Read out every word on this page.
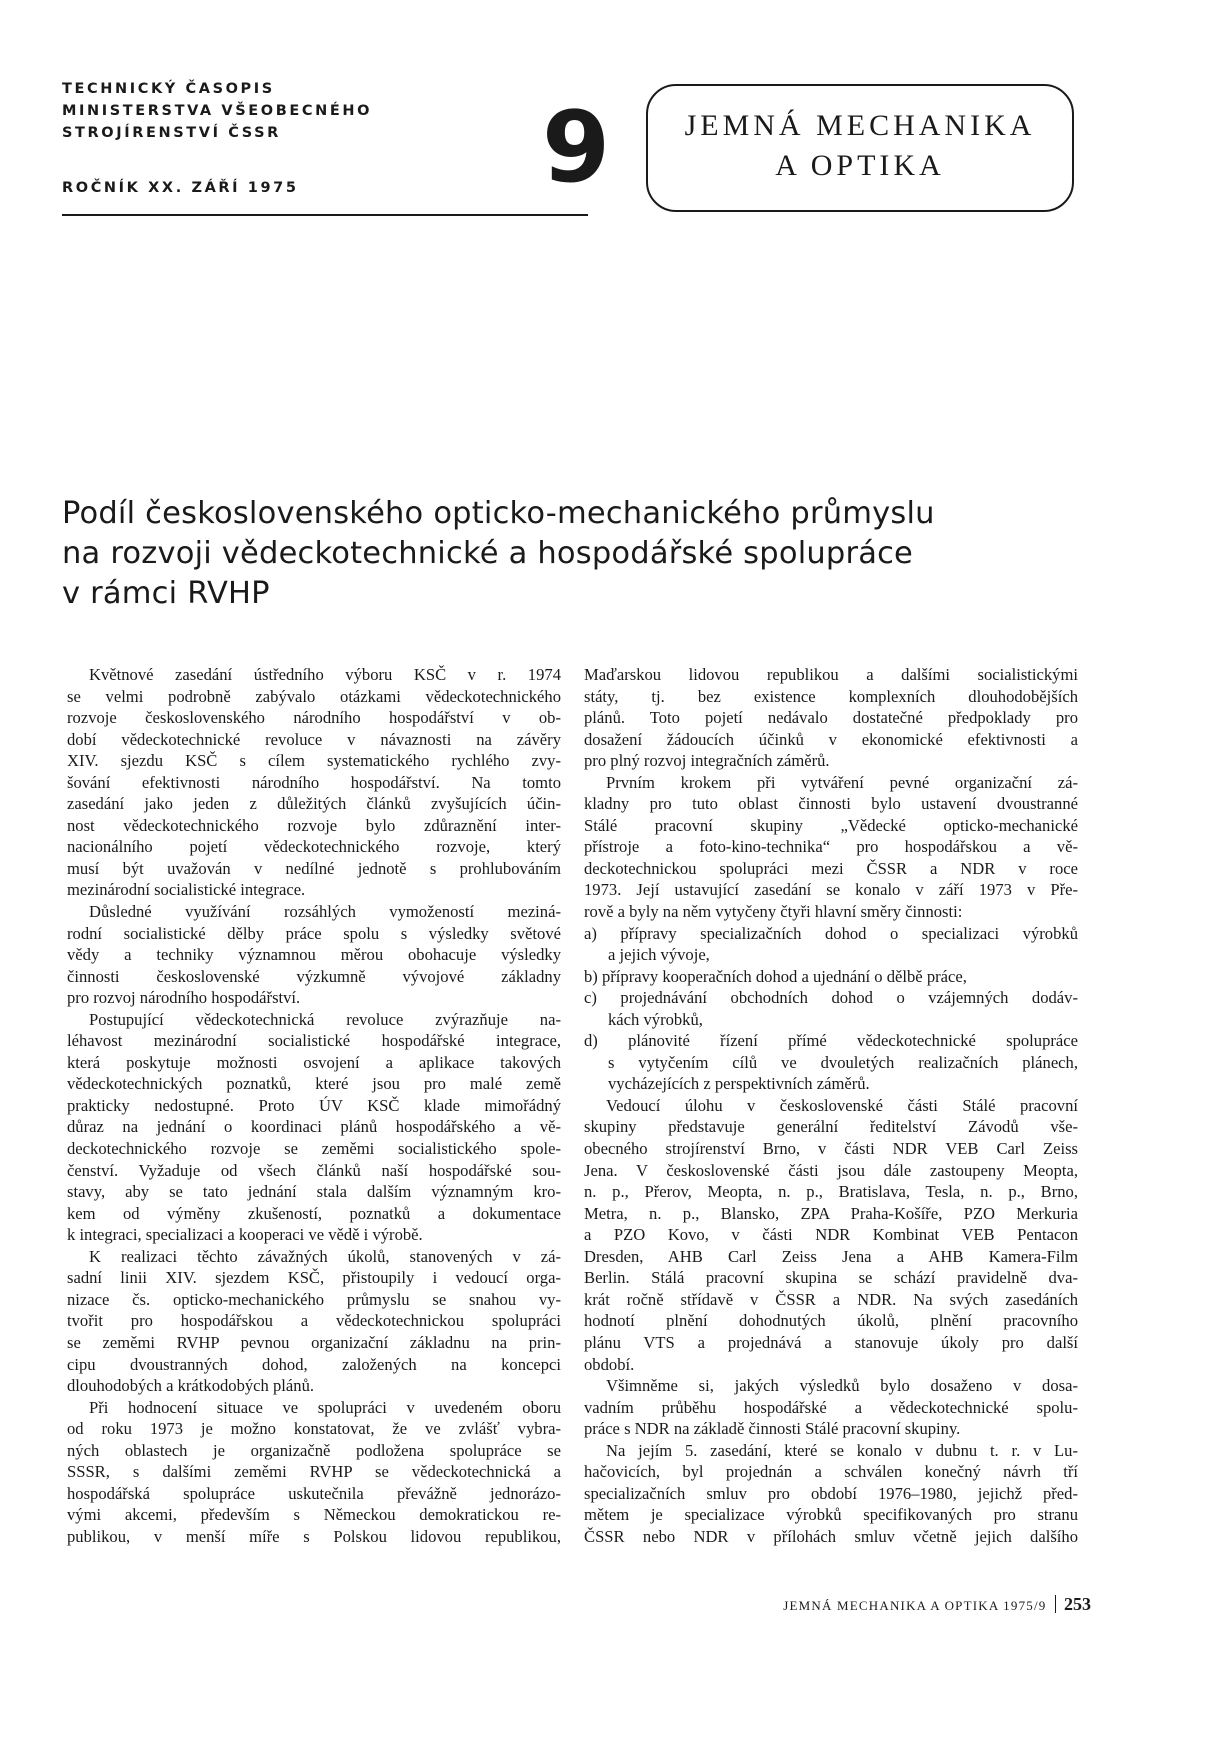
TECHNICKÝ ČASOPIS
MINISTERSTVA VŠEOBECNÉHO
STROJÍRENSTVÍ ČSSR
ROČNÍK XX. ZÁŘÍ 1975 9	JEMNÁ MECHANIKA
A OPTIKA
Podíl československého opticko-mechanického průmyslu
na rozvoji vědeckotechnické a hospodářské spolupráce
v rámci RVHP
Květnové zasedání ústředního výboru KSČ v r. 1974
se velmi podrobně zabývalo otázkami vědeckotechnického
rozvoje československého národního hospodářství v ob-
dobí vědeckotechnické revoluce v návaznosti na závěry
XIV. sjezdu KSČ s cílem systematického rychlého zvy-
šování efektivnosti národního hospodářství. Na tomto
zasedání jako jeden z důležitých článků zvyšujících účin-
nost vědeckotechnického rozvoje bylo zdůraznění inter-
nacionálního pojetí vědeckotechnického rozvoje, který
musí být uvažován v nedílné jednotě s prohlubováním
mezinárodní socialistické integrace.
Důsledné využívání rozsáhlých vymožeností meziná-
rodní socialistické dělby práce spolu s výsledky světové
vědy a techniky významnou měrou obohacuje výsledky
činnosti československé výzkumně vývojové základny
pro rozvoj národního hospodářství.
Postupující vědeckotechnická revoluce zvýrazňuje na-
léhavost mezinárodní socialistické hospodářské integrace,
která poskytuje možnosti osvojení a aplikace takových
vědeckotechnických poznatků, které jsou pro malé země
prakticky nedostupné. Proto ÚV KSČ klade mimořádný
důraz na jednání o koordinaci plánů hospodářského a vě-
deckotechnického rozvoje se zeměmi socialistického spole-
čenství. Vyžaduje od všech článků naší hospodářské sou-
stavy, aby se tato jednání stala dalším významným kro-
kem od výměny zkušeností, poznatků a dokumentace
k integraci, specializaci a kooperaci ve vědě i výrobě.
K realizaci těchto závažných úkolů, stanovených v zá-
sadní linii XIV. sjezdem KSČ, přistoupily i vedoucí orga-
nizace čs. opticko-mechanického průmyslu se snahou vy-
tvořit pro hospodářskou a vědeckotechnickou spolupráci
se zeměmi RVHP pevnou organizační základnu na prin-
cipu dvoustranných dohod, založených na koncepci
dlouhodobých a krátkodobých plánů.
Při hodnocení situace ve spolupráci v uvedeném oboru
od roku 1973 je možno konstatovat, že ve zvlášť vybra-
ných oblastech je organizačně podložena spolupráce se
SSSR, s dalšími zeměmi RVHP se vědeckotechnická a
hospodářská spolupráce uskutečnila převážně jednorázo-
vými akcemi, především s Německou demokratickou re-
publikou, v menší míře s Polskou lidovou republikou,
Maďarskou lidovou republikou a dalšími socialistickými
státy, tj. bez existence komplexních dlouhodobějších
plánů. Toto pojetí nedávalo dostatečné předpoklady pro
dosažení žádoucích účinků v ekonomické efektivnosti a
pro plný rozvoj integračních záměrů.
Prvním krokem při vytváření pevné organizační zá-
kladny pro tuto oblast činnosti bylo ustavení dvoustranné
Stálé pracovní skupiny „Vědecké opticko-mechanické
přístroje a foto-kino-technika“ pro hospodářskou a vě-
deckotechnickou spolupráci mezi ČSSR a NDR v roce
1973. Její ustavující zasedání se konalo v září 1973 v Pře-
rově a byly na něm vytyčeny čtyři hlavní směry činnosti:
a) přípravy specializačních dohod o specializaci výrobků
a jejich vývoje,
b) přípravy kooperačních dohod a ujednání o dělbě práce,
c) projednávání obchodních dohod o vzájemných dodáv-
kách výrobků,
d) plánovité řízení přímé vědeckotechnické spolupráce
s vytyčením cílů ve dvouletých realizačních plánech,
vycházejících z perspektivních záměrů.
Vedoucí úlohu v československé části Stálé pracovní
skupiny představuje generální ředitelství Závodů vše-
obecného strojírenství Brno, v části NDR VEB Carl Zeiss
Jena. V československé části jsou dále zastoupeny Meopta,
n. p., Přerov, Meopta, n. p., Bratislava, Tesla, n. p., Brno,
Metra, n. p., Blansko, ZPA Praha-Košíře, PZO Merkuria
a PZO Kovo, v části NDR Kombinat VEB Pentacon
Dresden, AHB Carl Zeiss Jena a AHB Kamera-Film
Berlin. Stálá pracovní skupina se schází pravidelně dva-
krát ročně střídavě v ČSSR a NDR. Na svých zasedáních
hodnotí plnění dohodnutých úkolů, plnění pracovního
plánu VTS a projednává a stanovuje úkoly pro další
období.
Všimněme si, jakých výsledků bylo dosaženo v dosa-
vadním průběhu hospodářské a vědeckotechnické spolu-
práce s NDR na základě činnosti Stálé pracovní skupiny.
Na jejím 5. zasedání, které se konalo v dubnu t. r. v Lu-
hačovicích, byl projednán a schválen konečný návrh tří
specializačních smluv pro období 1976–1980, jejichž před-
mětem je specializace výrobků specifikovaných pro stranu
ČSSR nebo NDR v přílohách smluv včetně jejich dalšího
JEMNÁ MECHANIKA A OPTIKA 1975/9 253
